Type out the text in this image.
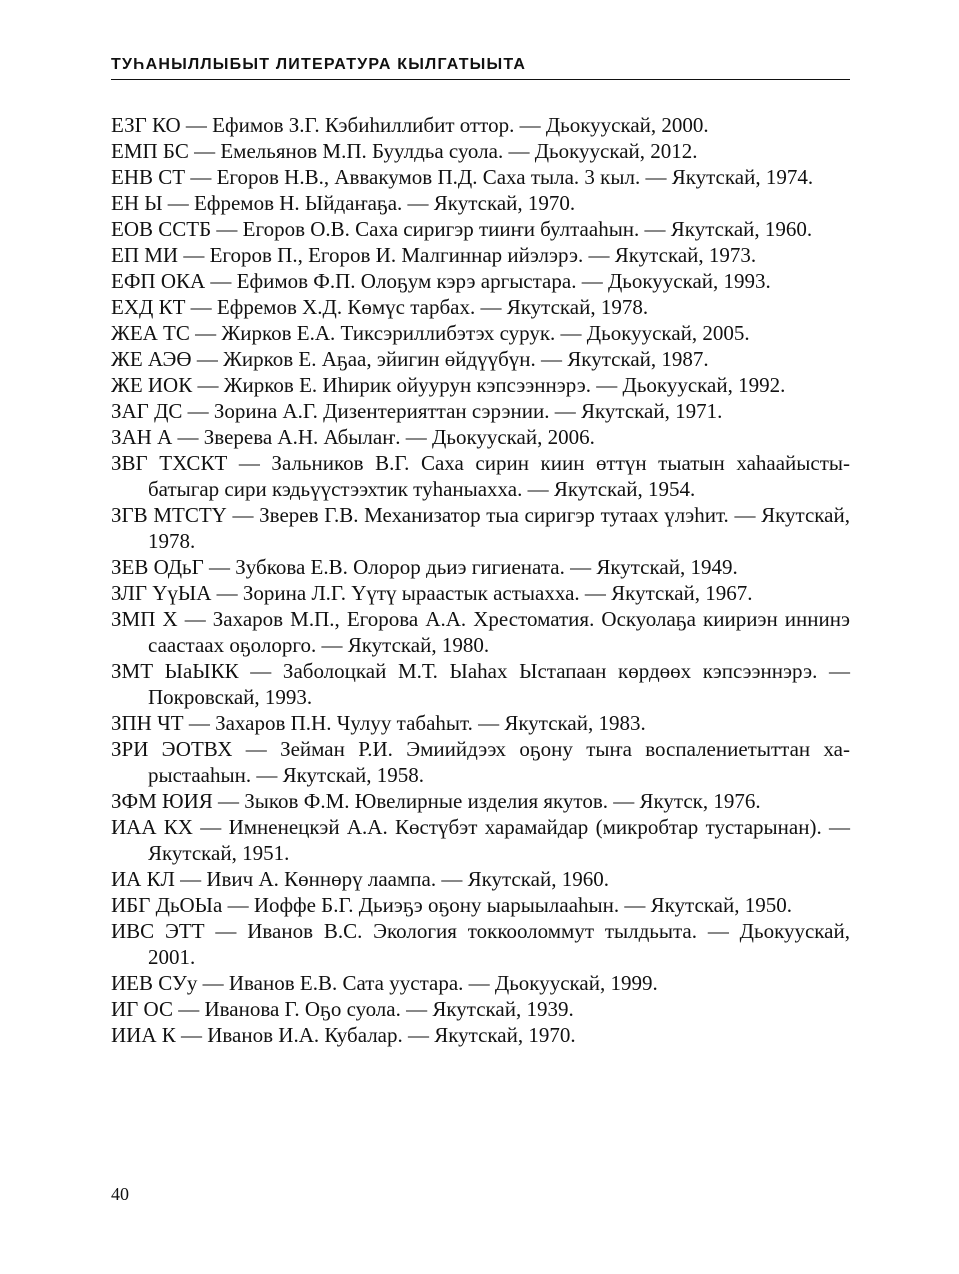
ТУҺАНЫЛЛЫБЫТ ЛИТЕРАТУРА КЫЛГАТЫЫТА
ЕЗГ КО — Ефимов З.Г. Кэбиһиллибит оттор. — Дьокуускай, 2000.
ЕМП БС — Емельянов М.П. Буулдьа суола. — Дьокуускай, 2012.
ЕНВ СТ — Егоров Н.В., Аввакумов П.Д. Саха тыла. 3 кыл. — Якутскай, 1974.
ЕН Ы — Ефремов Н. Ыйдаҥаҕа. — Якутскай, 1970.
ЕОВ ССТБ — Егоров О.В. Саха сиригэр тииҥи бултааһын. — Якутскай, 1960.
ЕП МИ — Егоров П., Егоров И. Малгиннар ийэлэрэ. — Якутскай, 1973.
ЕФП ОКА — Ефимов Ф.П. Олоҕум кэрэ аргыстара. — Дьокуускай, 1993.
ЕХД КТ — Ефремов Х.Д. Көмүс тарбах. — Якутскай, 1978.
ЖЕА ТС — Жирков Е.А. Тиксэриллибэтэх сурук. — Дьокуускай, 2005.
ЖЕ АЭӨ — Жирков Е. Аҕаа, эйигин өйдүүбүн. — Якутскай, 1987.
ЖЕ ИОК — Жирков Е. Иһирик ойуурун кэпсээннэрэ. — Дьокуускай, 1992.
ЗАГ ДС — Зорина А.Г. Дизентерияттан сэрэнии. — Якутскай, 1971.
ЗАН А — Зверева А.Н. Абылаҥ. — Дьокуускай, 2006.
ЗВГ ТХСКТ — Зальников В.Г. Саха сирин киин өттүн тыатын хаһаайыстыбатыгар сири кэдьүүстээхтик туһаныахха. — Якутскай, 1954.
ЗГВ МТСТҮ — Зверев Г.В. Механизатор тыа сиригэр тутаах үлэһит. — Якутскай, 1978.
ЗЕВ ОДьГ — Зубкова Е.В. Олорор дьиэ гигиената. — Якутскай, 1949.
ЗЛГ ҮүЫА — Зорина Л.Г. Үүтү ыраастык астыахха. — Якутскай, 1967.
ЗМП Х — Захаров М.П., Егорова А.А. Хрестоматия. Оскуолаҕа киириэн иннинэ саастаах оҕолорго. — Якутскай, 1980.
ЗМТ ЫаЫКК — Заболоцкай М.Т. Ыаһах Ыстапаан көрдөөх кэпсээннэрэ. — Покровскай, 1993.
ЗПН ЧТ — Захаров П.Н. Чулуу табаһыт. — Якутскай, 1983.
ЗРИ ЭОТВХ — Зейман Р.И. Эмиийдээх оҕону тыҥа воспалениетыттан харыстааһын. — Якутскай, 1958.
ЗФМ ЮИЯ — Зыков Ф.М. Ювелирные изделия якутов. — Якутск, 1976.
ИАА КХ — Имненецкэй А.А. Көстүбэт харамайдар (микробтар тустарынан). — Якутскай, 1951.
ИА КЛ — Ивич А. Көннөрү лаампа. — Якутскай, 1960.
ИБГ ДьОЫа — Иоффе Б.Г. Дьиэҕэ оҕону ыарыылааһын. — Якутскай, 1950.
ИВС ЭТТ — Иванов В.С. Экология токкооломмут тылдьыта. — Дьокуускай, 2001.
ИЕВ СУу — Иванов Е.В. Сата уустара. — Дьокуускай, 1999.
ИГ ОС — Иванова Г. Оҕо суола. — Якутскай, 1939.
ИИА К — Иванов И.А. Кубалар. — Якутскай, 1970.
40
